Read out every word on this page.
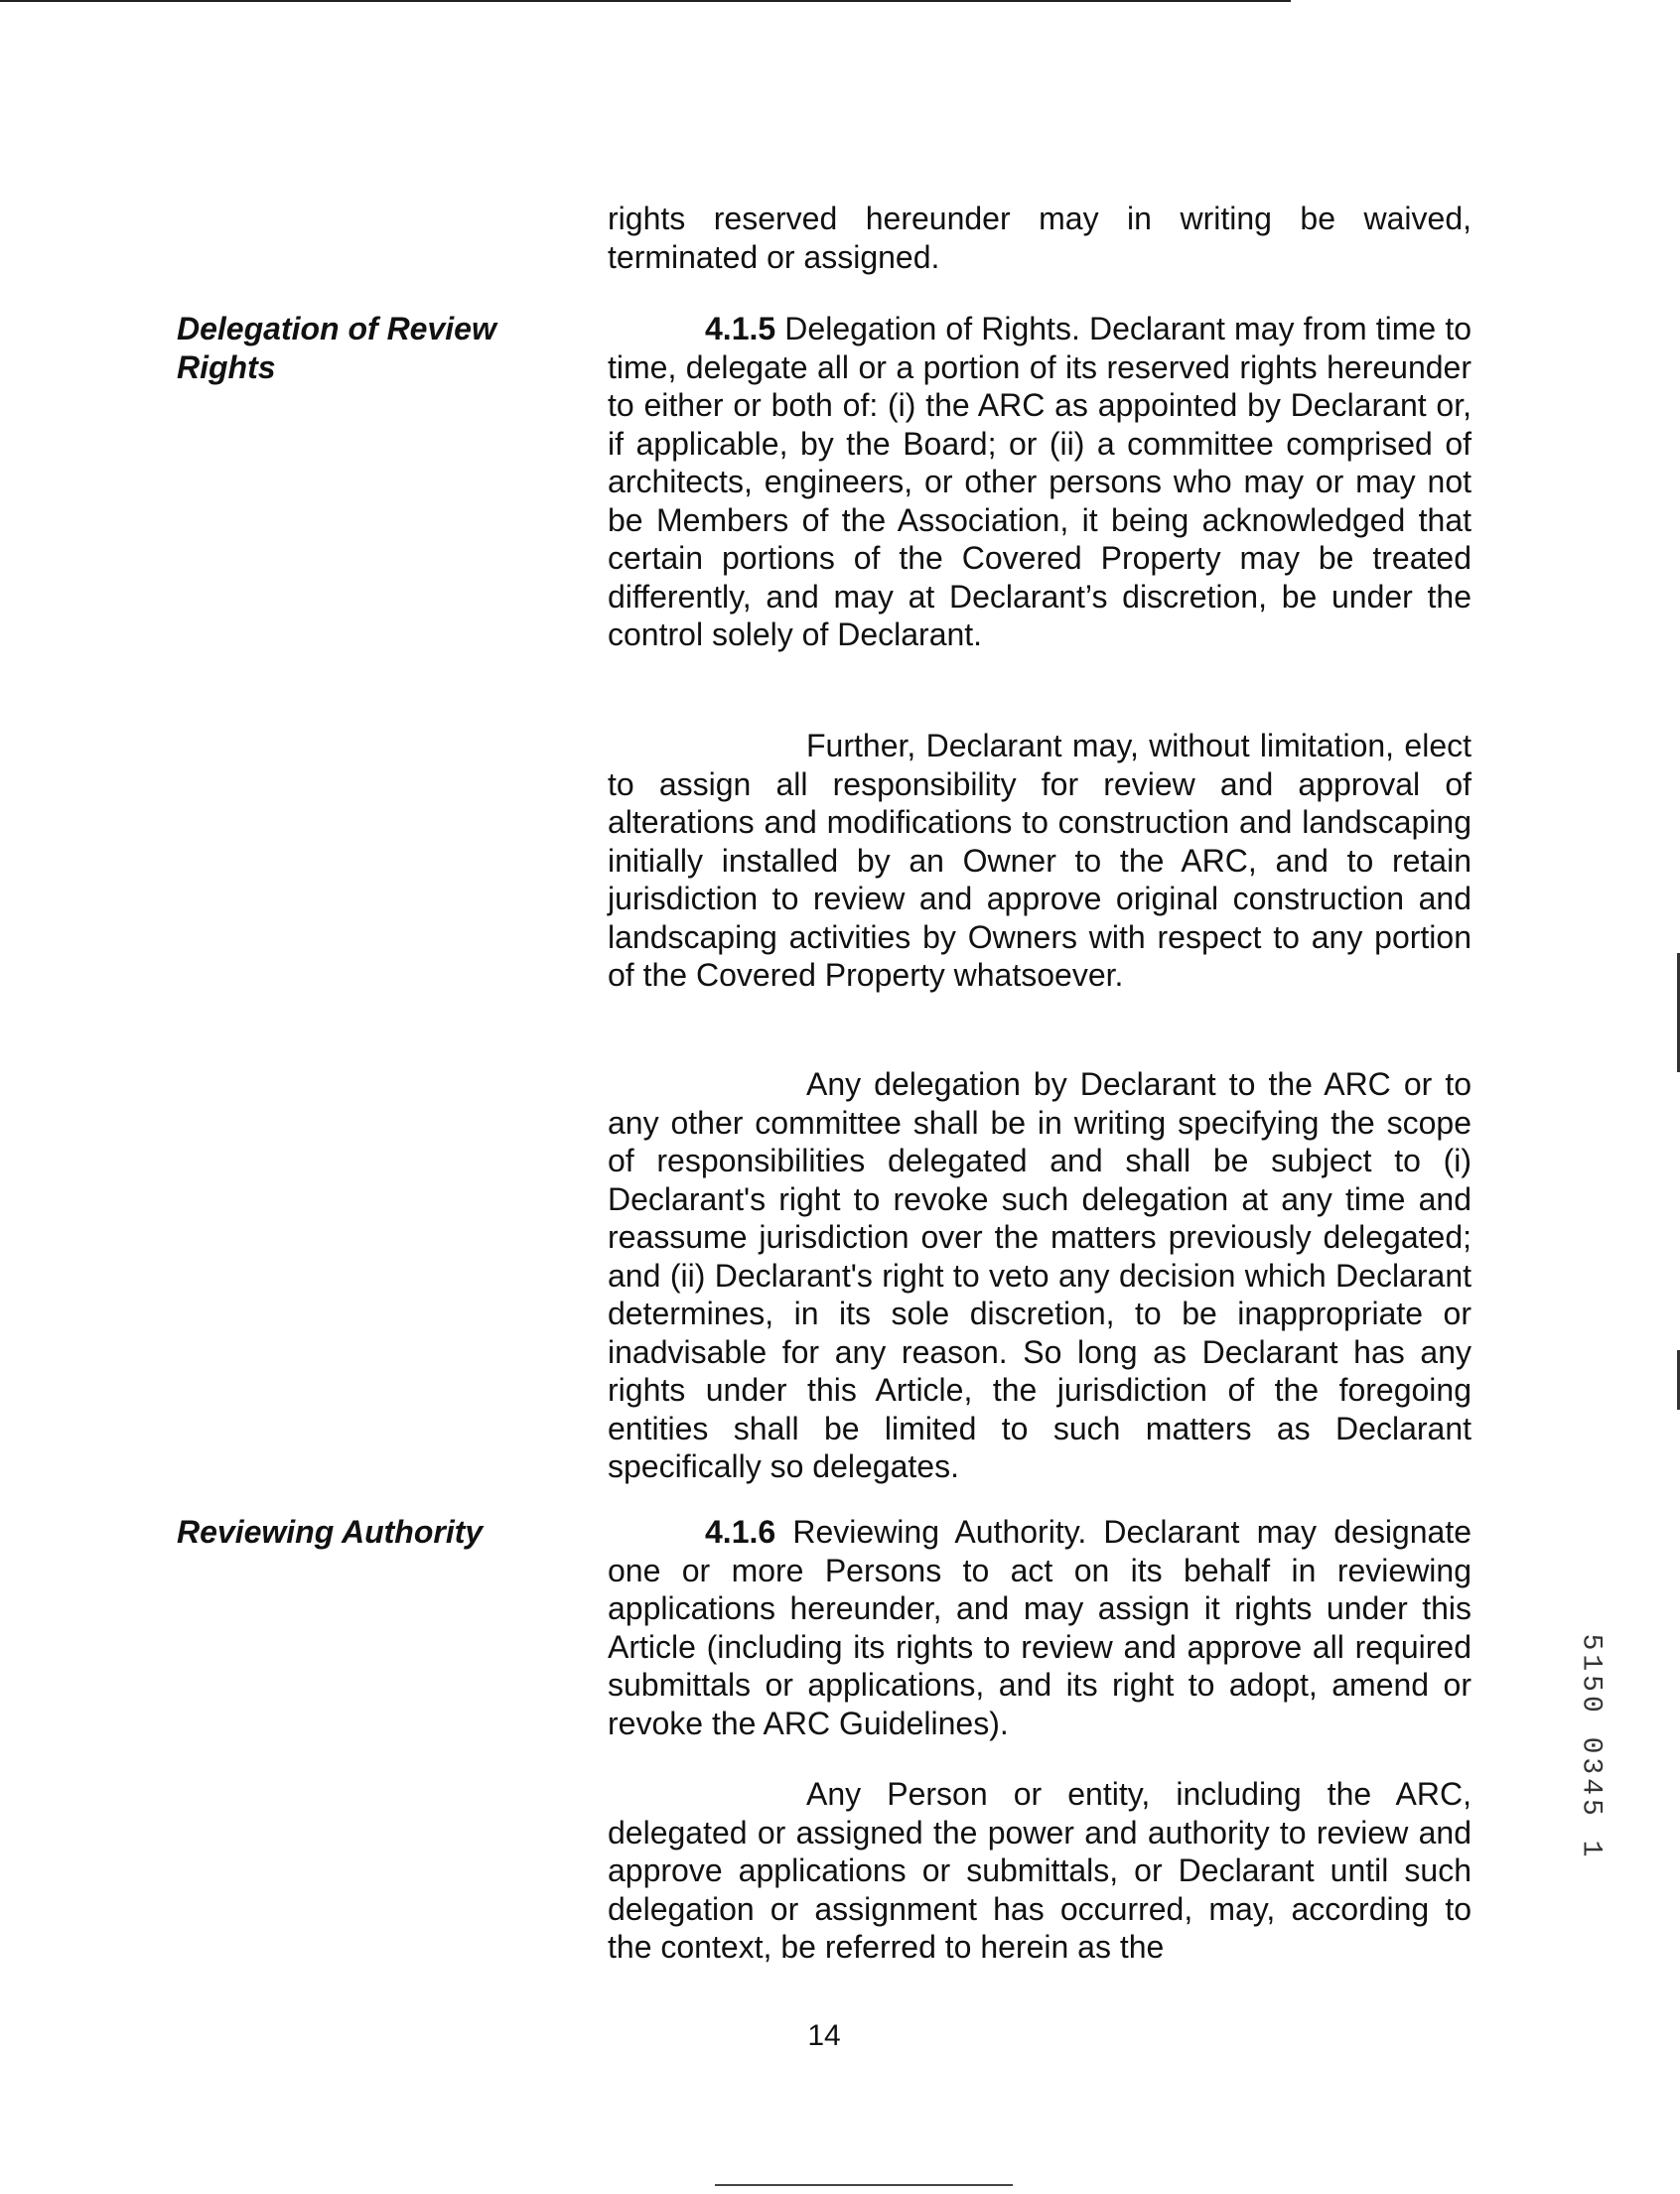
Delegation of Review
Rights
Reviewing Authority

rights reserved hereunder may in writing be waived, terminated or assigned.

4.1.5 Delegation of Rights. Declarant may from time to time, delegate all or a portion of its reserved rights hereunder to either or both of: (i) the ARC as appointed by Declarant or, if applicable, by the Board; or (ii) a committee comprised of architects, engineers, or other persons who may or may not be Members of the Association, it being acknowledged that certain portions of the Covered Property may be treated differently, and may at Declarant’s discretion, be under the control solely of Declarant.

Further, Declarant may, without limitation, elect to assign all responsibility for review and approval of alterations and modifications to construction and landscaping initially installed by an Owner to the ARC, and to retain jurisdiction to review and approve original construction and landscaping activities by Owners with respect to any portion of the Covered Property whatsoever.

Any delegation by Declarant to the ARC or to any other committee shall be in writing specifying the scope of responsibilities delegated and shall be subject to (i) Declarant's right to revoke such delegation at any time and reassume jurisdiction over the matters previously delegated; and (ii) Declarant's right to veto any decision which Declarant determines, in its sole discretion, to be inappropriate or inadvisable for any reason. So long as Declarant has any rights under this Article, the jurisdiction of the foregoing entities shall be limited to such matters as Declarant specifically so delegates.

4.1.6 Reviewing Authority. Declarant may designate one or more Persons to act on its behalf in reviewing applications hereunder, and may assign it rights under this Article (including its rights to review and approve all required submittals or applications, and its right to adopt, amend or revoke the ARC Guidelines).

Any Person or entity, including the ARC, delegated or assigned the power and authority to review and approve applications or submittals, or Declarant until such delegation or assignment has occurred, may, according to the context, be referred to herein as the

14
5150 0345 1
